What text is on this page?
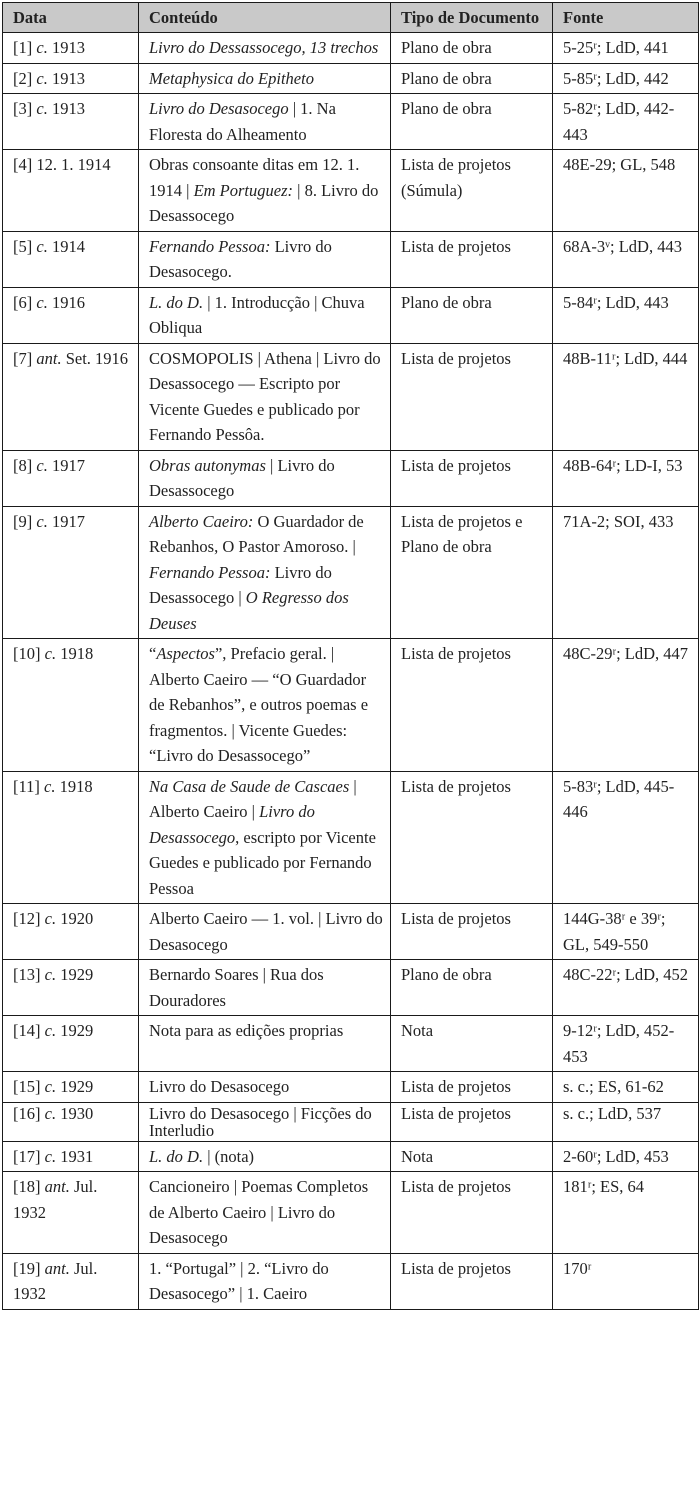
Data	Conteúdo	Tipo de Documento	Fonte
[1] c. 1913	Livro do Dessassocego, 13 trechos	Plano de obra	5-25ʳ; LdD, 441
[2] c. 1913	Metaphysica do Epitheto	Plano de obra	5-85ʳ; LdD, 442
[3] c. 1913	Livro do Desasocego | 1. Na Floresta do Alheamento	Plano de obra	5-82ʳ; LdD, 442-443
[4] 12. 1. 1914	Obras consoante ditas em 12. 1. 1914 | Em Portuguez: | 8. Livro do Desassocego	Lista de projetos (Súmula)	48E-29; GL, 548
[5] c. 1914	Fernando Pessoa: Livro do Desasocego.	Lista de projetos	68A-3ᵛ; LdD, 443
[6] c. 1916	L. do D. | 1. Introducção | Chuva Obliqua	Plano de obra	5-84ʳ; LdD, 443
[7] ant. Set. 1916	COSMOPOLIS | Athena | Livro do Desassocego — Escripto por Vicente Guedes e publicado por Fernando Pessôa.	Lista de projetos	48B-11ʳ; LdD, 444
[8] c. 1917	Obras autonymas | Livro do Desassocego	Lista de projetos	48B-64ʳ; LD-I, 53
[9] c. 1917	Alberto Caeiro: O Guardador de Rebanhos, O Pastor Amoroso. | Fernando Pessoa: Livro do Desassocego | O Regresso dos Deuses	Lista de projetos e Plano de obra	71A-2; SOI, 433
[10] c. 1918	“Aspectos”, Prefacio geral. | Alberto Caeiro — “O Guardador de Rebanhos”, e outros poemas e fragmentos. | Vicente Guedes: “Livro do Desassocego”	Lista de projetos	48C-29ʳ; LdD, 447
[11] c. 1918	Na Casa de Saude de Cascaes | Alberto Caeiro | Livro do Desassocego, escripto por Vicente Guedes e publicado por Fernando Pessoa	Lista de projetos	5-83ʳ; LdD, 445-446
[12] c. 1920	Alberto Caeiro — 1. vol. | Livro do Desasocego	Lista de projetos	144G-38ʳ e 39ʳ; GL, 549-550
[13] c. 1929	Bernardo Soares | Rua dos Douradores	Plano de obra	48C-22ʳ; LdD, 452
[14] c. 1929	Nota para as edições proprias	Nota	9-12ʳ; LdD, 452-453
[15] c. 1929	Livro do Desasocego	Lista de projetos	s. c.; ES, 61-62
[16] c. 1930	Livro do Desasocego | Ficções do Interludio	Lista de projetos	s. c.; LdD, 537
[17] c. 1931	L. do D. | (nota)	Nota	2-60ʳ; LdD, 453
[18] ant. Jul. 1932	Cancioneiro | Poemas Completos de Alberto Caeiro | Livro do Desasocego	Lista de projetos	181ʳ; ES, 64
[19] ant. Jul. 1932	1. “Portugal” | 2. “Livro do Desasocego” | 1. Caeiro	Lista de projetos	170ʳ
